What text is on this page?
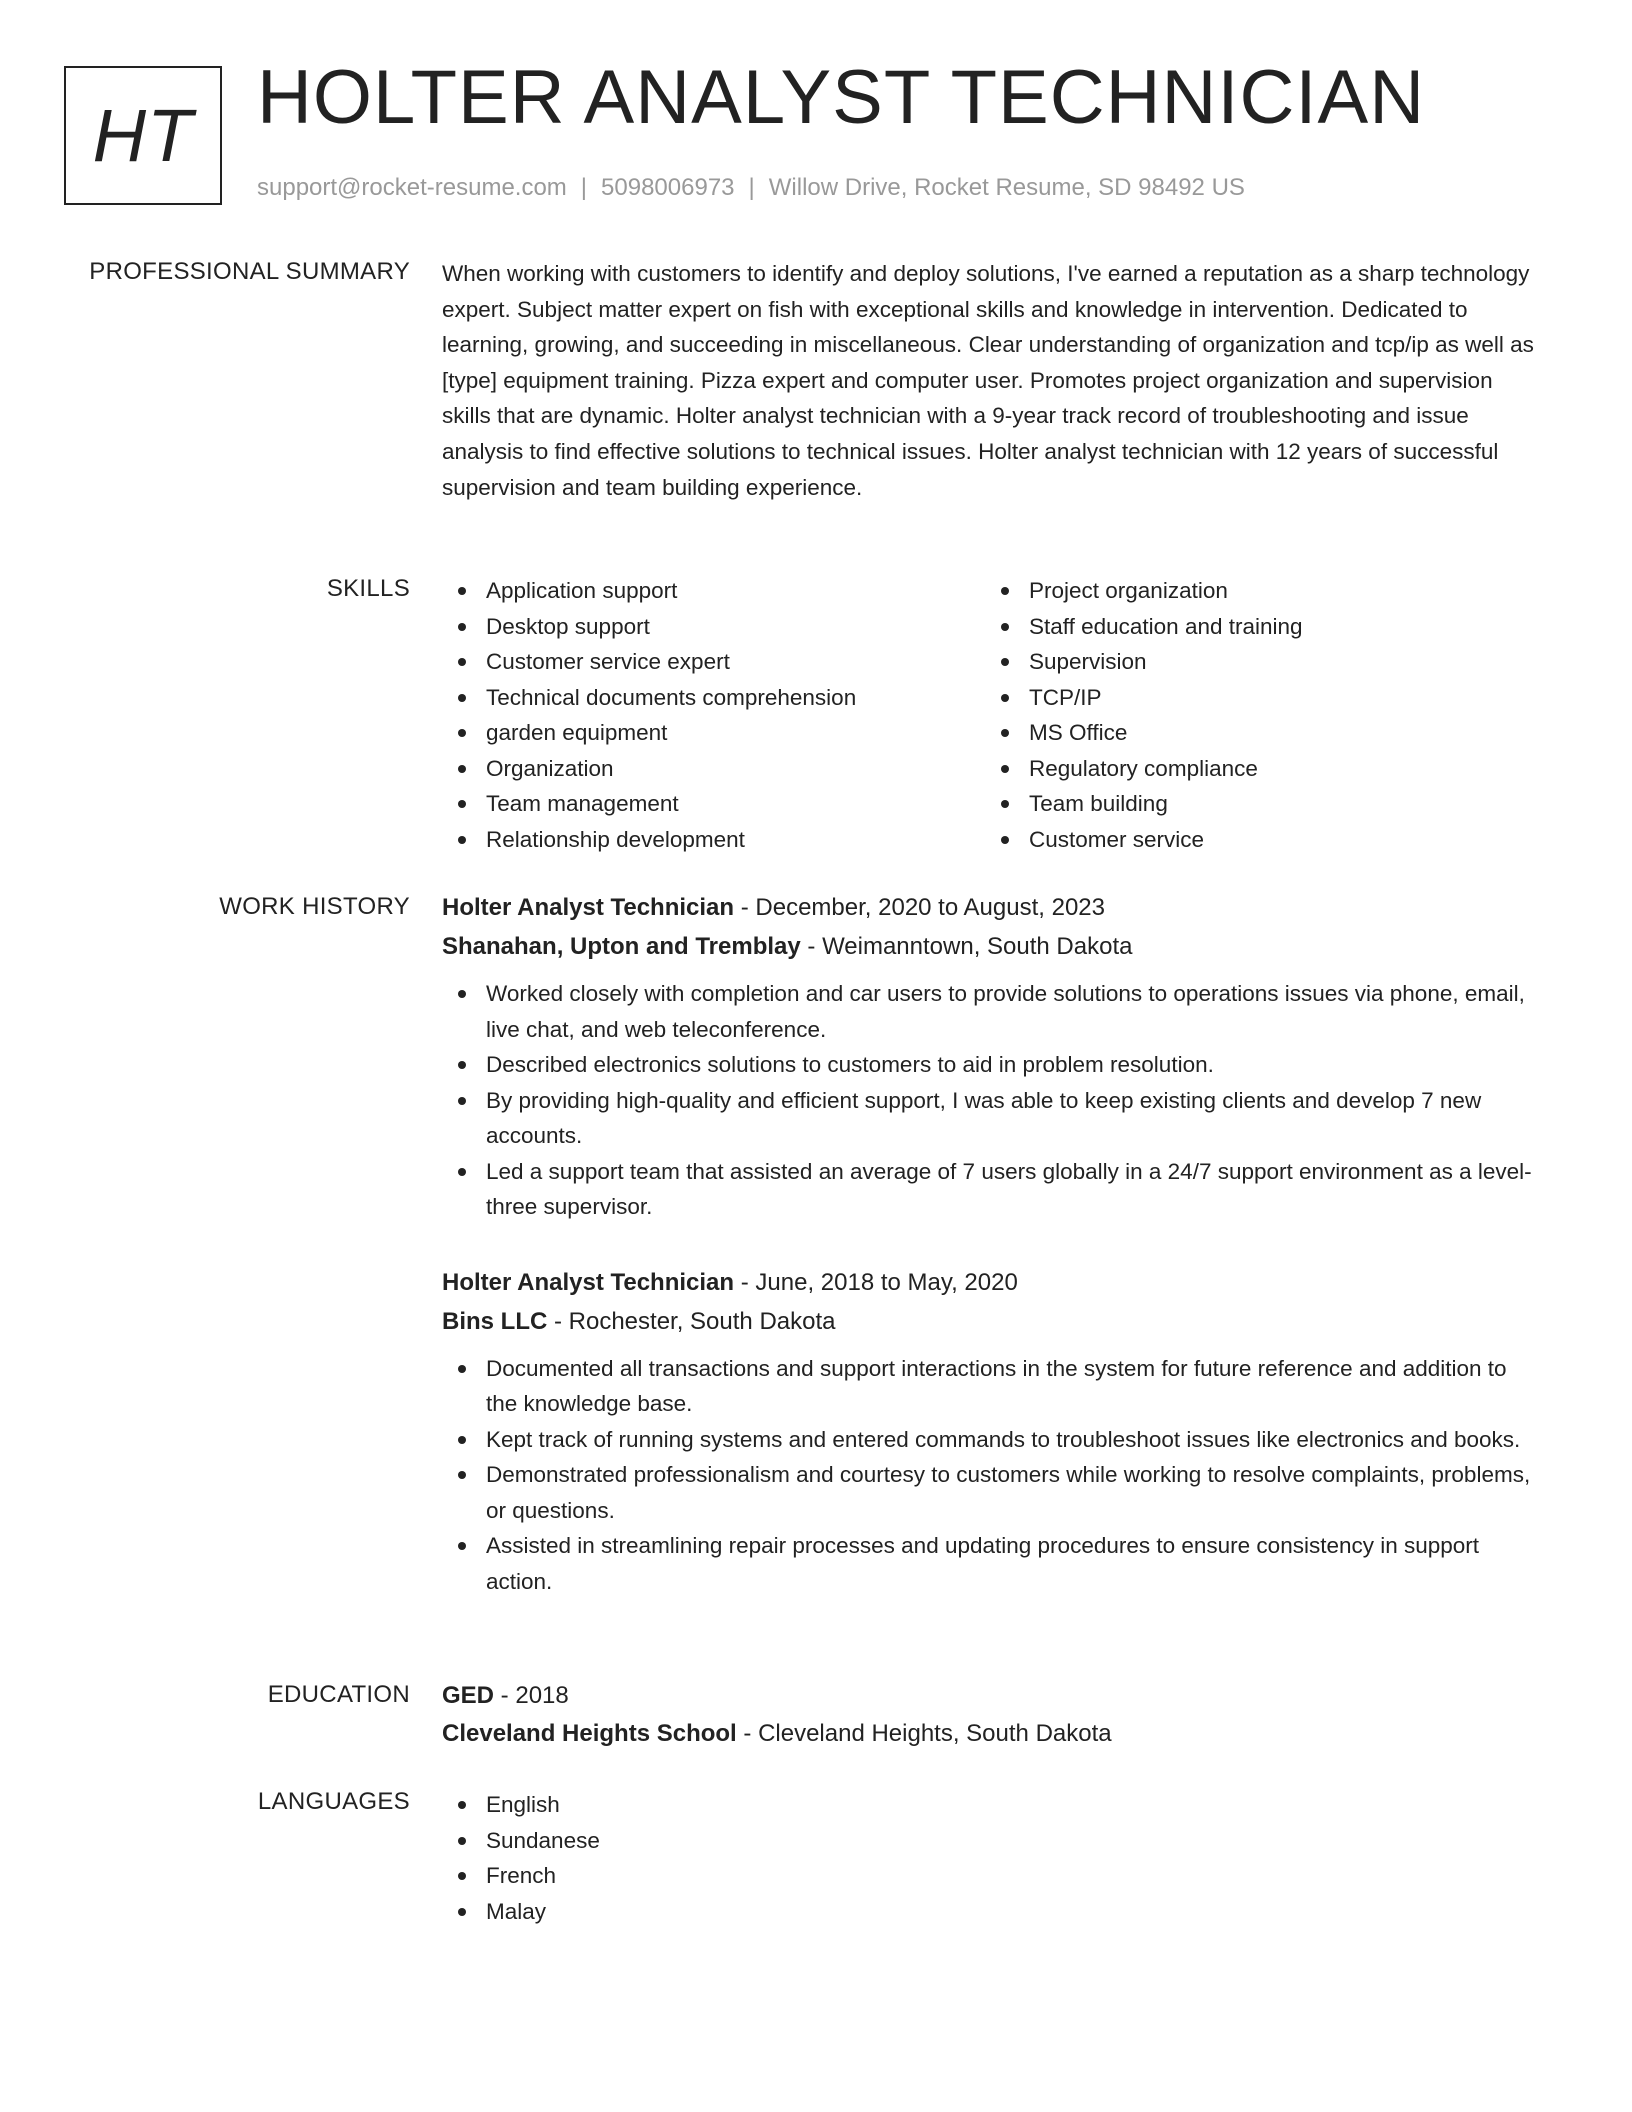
HT HOLTER ANALYST TECHNICIAN
support@rocket-resume.com | 5098006973 | Willow Drive, Rocket Resume, SD 98492 US
PROFESSIONAL SUMMARY When working with customers to identify and deploy solutions, I've earned a reputation as a sharp technology expert. Subject matter expert on fish with exceptional skills and knowledge in intervention. Dedicated to learning, growing, and succeeding in miscellaneous. Clear understanding of organization and tcp/ip as well as [type] equipment training. Pizza expert and computer user. Promotes project organization and supervision skills that are dynamic. Holter analyst technician with a 9-year track record of troubleshooting and issue analysis to find effective solutions to technical issues. Holter analyst technician with 12 years of successful supervision and team building experience.

SKILLS	Application support
Desktop support
Customer service expert
Technical documents comprehension
garden equipment
Organization
Team management
Relationship development
Project organization
Staff education and training
Supervision
TCP/IP
MS Office
Regulatory compliance
Team building
Customer service
WORK HISTORY Holter Analyst Technician - December, 2020 to August, 2023
Shanahan, Upton and Tremblay - Weimanntown, South Dakota
Worked closely with completion and car users to provide solutions to operations issues via phone, email, live chat, and web teleconference.
Described electronics solutions to customers to aid in problem resolution.
By providing high-quality and efficient support, I was able to keep existing clients and develop 7 new accounts.
Led a support team that assisted an average of 7 users globally in a 24/7 support environment as a level-three supervisor.
Holter Analyst Technician - June, 2018 to May, 2020
Bins LLC - Rochester, South Dakota
Documented all transactions and support interactions in the system for future reference and addition to the knowledge base.
Kept track of running systems and entered commands to troubleshoot issues like electronics and books.
Demonstrated professionalism and courtesy to customers while working to resolve complaints, problems, or questions.
Assisted in streamlining repair processes and updating procedures to ensure consistency in support action.
EDUCATION GED - 2018
Cleveland Heights School - Cleveland Heights, South Dakota
LANGUAGES	English
Sundanese
French
Malay
